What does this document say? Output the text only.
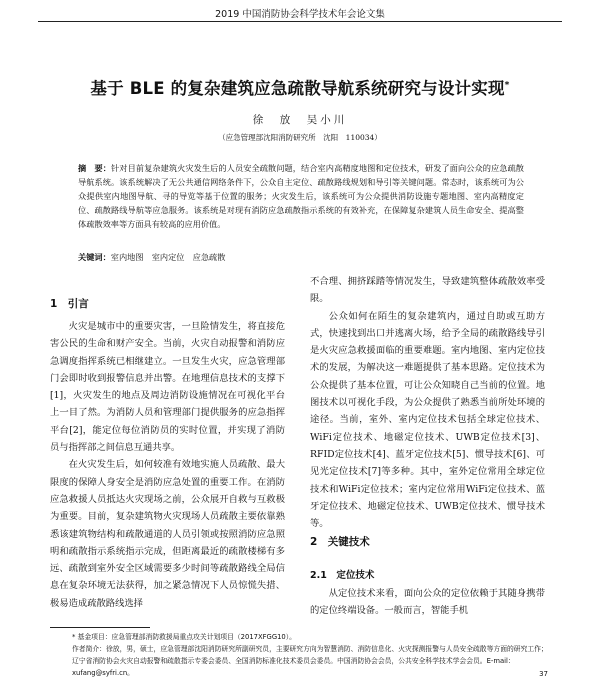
2019 中国消防协会科学技术年会论文集
基于 BLE 的复杂建筑应急疏散导航系统研究与设计实现*
徐　放　吴小川
（应急管理部沈阳消防研究所　沈阳　110034）
摘　要：针对目前复杂建筑火灾发生后的人员安全疏散问题，结合室内高精度地图和定位技术，研发了面向公众的应急疏散导航系统。该系统解决了无公共通信网络条件下，公众自主定位、疏散路线规划和导引等关键问题。常态时，该系统可为公众提供室内地图导航、寻的导览等基于位置的服务；火灾发生后，该系统可为公众提供消防设施专题地图、室内高精度定位、疏散路线导航等应急服务。该系统是对现有消防应急疏散指示系统的有效补充，在保障复杂建筑人员生命安全、提高整体疏散效率等方面具有较高的应用价值。
关键词：室内地图　室内定位　应急疏散
1　引言

火灾是城市中的重要灾害，一旦险情发生，将直接危害公民的生命和财产安全。当前，火灾自动报警和消防应急调度指挥系统已相继建立。一旦发生火灾，应急管理部门会即时收到报警信息并出警。在地理信息技术的支撑下[1]，火灾发生的地点及周边消防设施情况在可视化平台上一目了然。为消防人员和管理部门提供服务的应急指挥平台[2]，能定位每位消防员的实时位置，并实现了消防员与指挥部之间信息互通共享。

在火灾发生后，如何较准有效地实施人员疏散、最大限度的保障人身安全是消防应急处置的重要工作。在消防应急救援人员抵达火灾现场之前，公众展开自救与互救极为重要。目前，复杂建筑物火灾现场人员疏散主要依靠熟悉该建筑物结构和疏散通道的人员引领或按照消防应急照明和疏散指示系统指示完成，但距离最近的疏散楼梯有多远、疏散到室外安全区域需要多少时间等疏散路线全局信息在复杂环境无法获得，加之紧急情况下人员惊慌失措、极易造成疏散路线选择

不合理、拥挤踩踏等情况发生，导致建筑整体疏散效率受限。

公众如何在陌生的复杂建筑内，通过自助或互助方式，快速找到出口并逃离火场，给予全局的疏散路线导引是火灾应急救援面临的重要难题。室内地图、室内定位技术的发展，为解决这一难题提供了基本思路。定位技术为公众提供了基本位置，可让公众知晓自己当前的位置。地图技术以可视化手段，为公众提供了熟悉当前所处环境的途径。当前，室外、室内定位技术包括全球定位技术、WiFi定位技术、地磁定位技术、UWB定位技术[3]、RFID定位技术[4]、蓝牙定位技术[5]、惯导技术[6]、可见光定位技术[7]等多种。其中，室外定位常用全球定位技术和WiFi定位技术；室内定位常用WiFi定位技术、蓝牙定位技术、地磁定位技术、UWB定位技术、惯导技术等。

2　关键技术
2.1　定位技术

从定位技术来看，面向公众的定位依赖于其随身携带的定位终端设备。一般而言，智能手机

* 基金项目：应急管理部消防救援局重点攻关计划项目（2017XFGG10）。
作者简介：徐放，男，硕士，应急管理部沈阳消防研究所副研究员，主要研究方向为智慧消防、消防信息化、火灾探测报警与人员安全疏散等方面的研究工作；辽宁省消防协会火灾自动报警和疏散指示专委会委员、全国消防标准化技术委员会委员。中国消防协会会员，公共安全科学技术学会会员。E-mail：xufang@syfri.cn。	37
